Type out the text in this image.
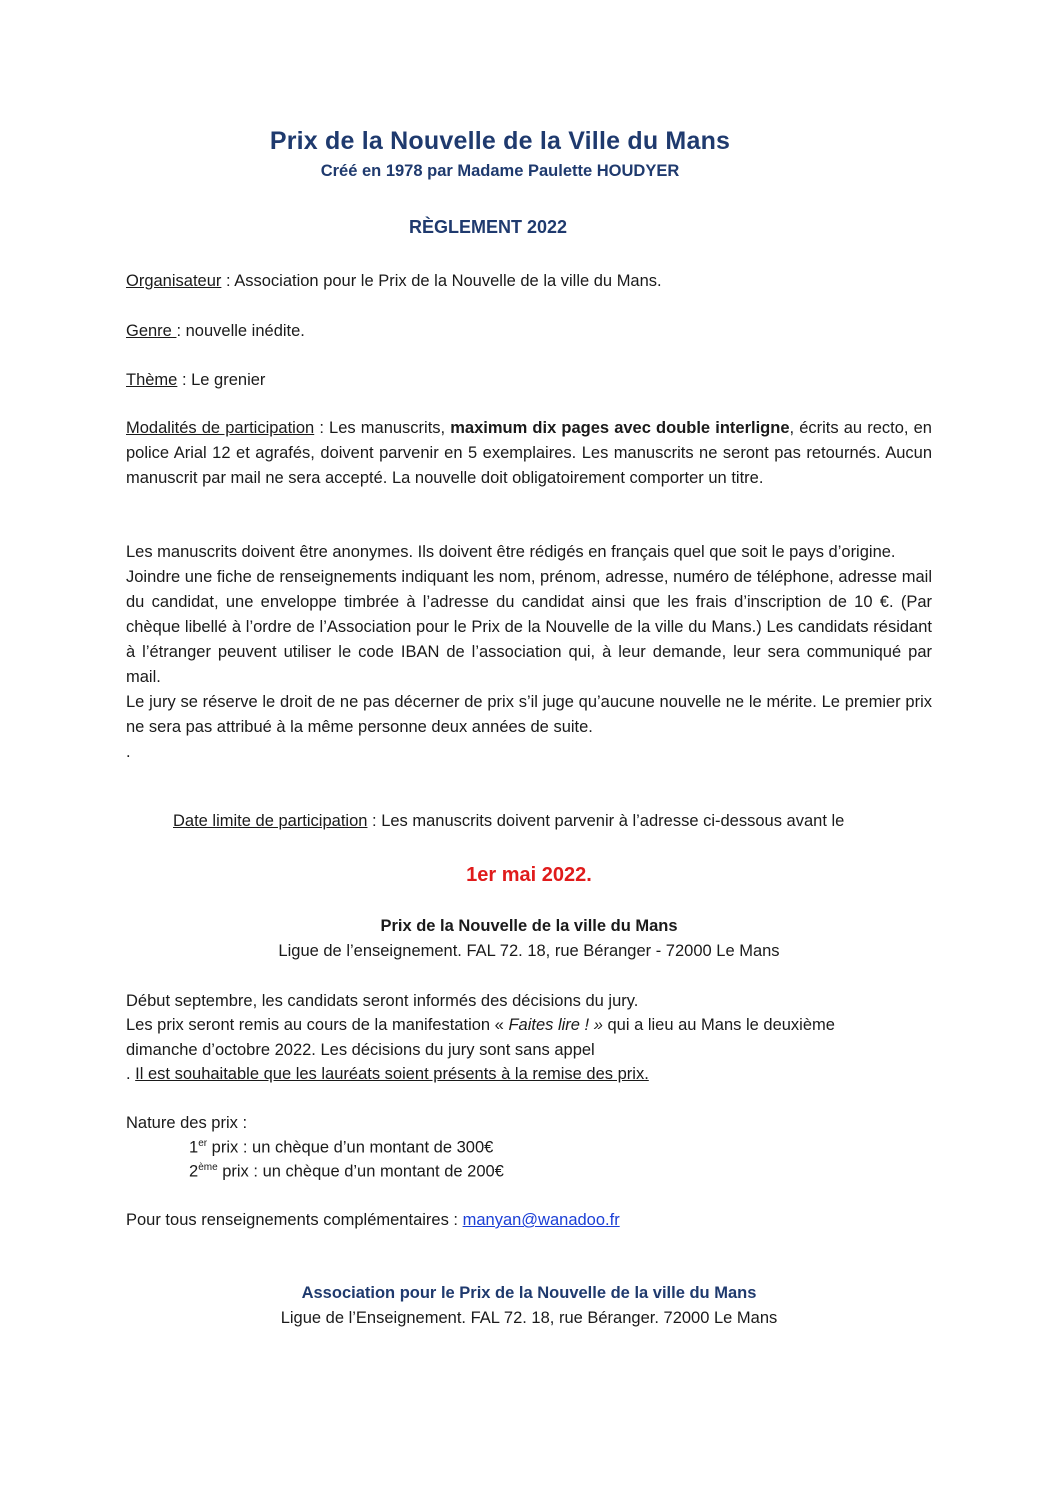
Prix de la Nouvelle de la Ville du Mans
Créé en 1978 par Madame Paulette HOUDYER
RÈGLEMENT 2022
Organisateur : Association pour le Prix de la Nouvelle de la ville du Mans.
Genre : nouvelle inédite.
Thème : Le grenier
Modalités de participation : Les manuscrits, maximum dix pages avec double interligne, écrits au recto, en police Arial 12 et agrafés, doivent parvenir en 5 exemplaires. Les manuscrits ne seront pas retournés. Aucun manuscrit par mail ne sera accepté. La nouvelle doit obligatoirement comporter un titre.
Les manuscrits doivent être anonymes. Ils doivent être rédigés en français quel que soit le pays d’origine.
Joindre une fiche de renseignements indiquant les nom, prénom, adresse, numéro de téléphone, adresse mail du candidat, une enveloppe timbrée à l’adresse du candidat ainsi que les frais d’inscription de 10 €. (Par chèque libellé à l’ordre de l’Association pour le Prix de la Nouvelle de la ville du Mans.) Les candidats résidant à l’étranger peuvent utiliser le code IBAN de l’association qui, à leur demande, leur sera communiqué par mail.
Le jury se réserve le droit de ne pas décerner de prix s’il juge qu’aucune nouvelle ne le mérite. Le premier prix ne sera pas attribué à la même personne deux années de suite.
.
Date limite de participation : Les manuscrits doivent parvenir à l’adresse ci-dessous avant le
1er mai 2022.
Prix de la Nouvelle de la ville du Mans
Ligue de l’enseignement. FAL 72. 18, rue Béranger - 72000 Le Mans
Début septembre, les candidats seront informés des décisions du jury.
Les prix seront remis au cours de la manifestation « Faites lire ! » qui a lieu au Mans le deuxième
dimanche d’octobre 2022. Les décisions du jury sont sans appel
. Il est souhaitable que les lauréats soient présents à la remise des prix.
Nature des prix :
1er prix : un chèque d’un montant de 300€
2ème prix : un chèque d’un montant de 200€
Pour tous renseignements complémentaires : manyan@wanadoo.fr
Association pour le Prix de la Nouvelle de la ville du Mans
Ligue de l’Enseignement. FAL 72. 18, rue Béranger. 72000 Le Mans
